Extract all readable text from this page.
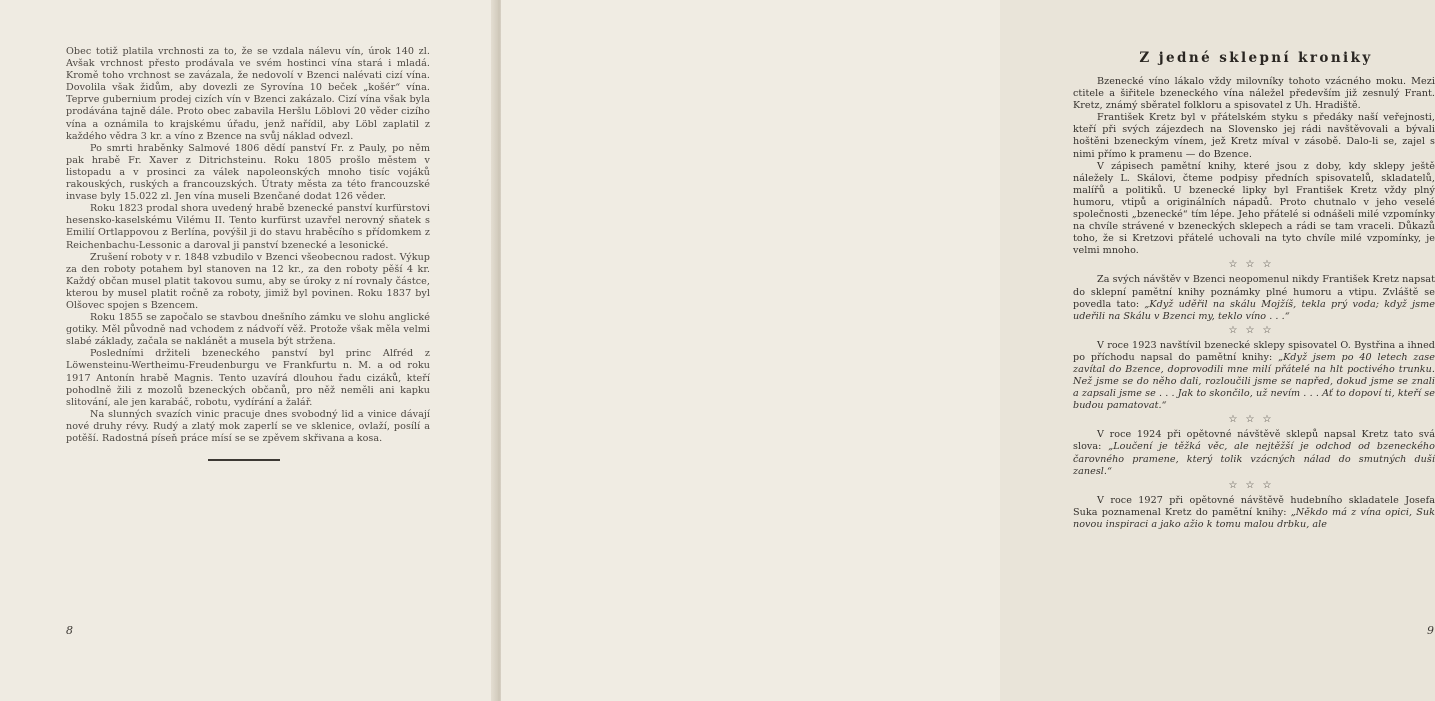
Obec totiž platila vrchnosti za to, že se vzdala nálevu vín, úrok 140 zl. Avšak vrchnost přesto prodávala ve svém hostinci vína stará i mladá. Kromě toho vrchnost se zavázala, že nedovolí v Bzenci nalévati cizí vína. Dovolila však židům, aby dovezli ze Syrovína 10 beček „košér“ vína. Teprve gubernium prodej cizích vín v Bzenci zakázalo. Cizí vína však byla prodávána tajně dále. Proto obec zabavila Heršlu Löblovi 20 věder cizího vína a oznámila to krajskému úřadu, jenž nařídil, aby Löbl zaplatil z každého vědra 3 kr. a víno z Bzence na svůj náklad odvezl.

Po smrti hraběnky Salmové 1806 dědí panství Fr. z Pauly, po něm pak hrabě Fr. Xaver z Ditrichsteinu. Roku 1805 prošlo městem v listopadu a v prosinci za válek napoleonských mnoho tisíc vojáků rakouských, ruských a francouzských. Útraty města za této francouzské invase byly 15.022 zl. Jen vína museli Bzenčané dodat 126 věder.

Roku 1823 prodal shora uvedený hrabě bzenecké panství kurfürstovi hesensko-kaselskému Vilému II. Tento kurfürst uzavřel nerovný sňatek s Emilií Ortlappovou z Berlína, povýšil ji do stavu hraběcího s přídomkem z Reichenbachu-Lessonic a daroval ji panství bzenecké a lesonické.

Zrušení roboty v r. 1848 vzbudilo v Bzenci všeobecnou radost. Výkup za den roboty potahem byl stanoven na 12 kr., za den roboty pěší 4 kr. Každý občan musel platit takovou sumu, aby se úroky z ní rovnaly částce, kterou by musel platit ročně za roboty, jimiž byl povinen. Roku 1837 byl Olšovec spojen s Bzencem.

Roku 1855 se započalo se stavbou dnešního zámku ve slohu anglické gotiky. Měl původně nad vchodem z nádvoří věž. Protože však měla velmi slabé základy, začala se naklánět a musela být stržena.

Posledními držiteli bzeneckého panství byl princ Alfréd z Löwensteinu-Wertheimu-Freudenburgu ve Frankfurtu n. M. a od roku 1917 Antonín hrabě Magnis. Tento uzavírá dlouhou řadu cizáků, kteří pohodlně žili z mozolů bzeneckých občanů, pro něž neměli ani kapku slitování, ale jen karabáč, robotu, vydírání a žalář.

Na slunných svazích vinic pracuje dnes svobodný lid a vinice dávají nové druhy révy. Rudý a zlatý mok zaperlí se ve sklenice, ovlaží, posílí a potěší. Radostná píseň práce mísí se se zpěvem skřivana a kosa.

8
Z jedné sklepní kroniky

Bzenecké víno lákalo vždy milovníky tohoto vzácného moku. Mezi ctitele a šiřitele bzeneckého vína náležel především již zesnulý Frant. Kretz, známý sběratel folkloru a spisovatel z Uh. Hradiště.

František Kretz byl v přátelském styku s předáky naší veřejnosti, kteří při svých zájezdech na Slovensko jej rádi navštěvovali a bývali hoštěni bzeneckým vínem, jež Kretz míval v zásobě. Dalo-li se, zajel s nimi přímo k pramenu — do Bzence.

V zápisech pamětní knihy, které jsou z doby, kdy sklepy ještě náležely L. Skálovi, čteme podpisy předních spisovatelů, skladatelů, malířů a politiků. U bzenecké lipky byl František Kretz vždy plný humoru, vtipů a originálních nápadů. Proto chutnalo v jeho veselé společnosti „bzenecké“ tím lépe. Jeho přátelé si odnášeli milé vzpomínky na chvíle strávené v bzeneckých sklepech a rádi se tam vraceli. Důkazů toho, že si Kretzovi přátelé uchovali na tyto chvíle milé vzpomínky, je velmi mnoho.

☆☆☆

Za svých návštěv v Bzenci neopomenul nikdy František Kretz napsat do sklepní pamětní knihy poznámky plné humoru a vtipu. Zvláště se povedla tato: „Když uděřil na skálu Mojžíš, tekla prý voda; když jsme udeřili na Skálu v Bzenci my, teklo víno . . .“

☆☆☆

V roce 1923 navštívil bzenecké sklepy spisovatel O. Bystřina a ihned po příchodu napsal do pamětní knihy: „Když jsem po 40 letech zase zavítal do Bzence, doprovodili mne milí přátelé na hlt poctivého trunku. Než jsme se do něho dali, rozloučili jsme se napřed, dokud jsme se znali a zapsali jsme se . . . Jak to skončilo, už nevím . . . Ať to dopoví ti, kteří se budou pamatovat.“

☆☆☆

V roce 1924 při opětovné návštěvě sklepů napsal Kretz tato svá slova: „Loučení je těžká věc, ale nejtěžší je odchod od bzeneckého čarovného pramene, který tolik vzácných nálad do smutných duší zanesl.“

☆☆☆

V roce 1927 při opětovné návštěvě hudebního skladatele Josefa Suka poznamenal Kretz do pamětní knihy: „Někdo má z vína opici, Suk novou inspiraci a jako ažio k tomu malou drbku, ale

9
